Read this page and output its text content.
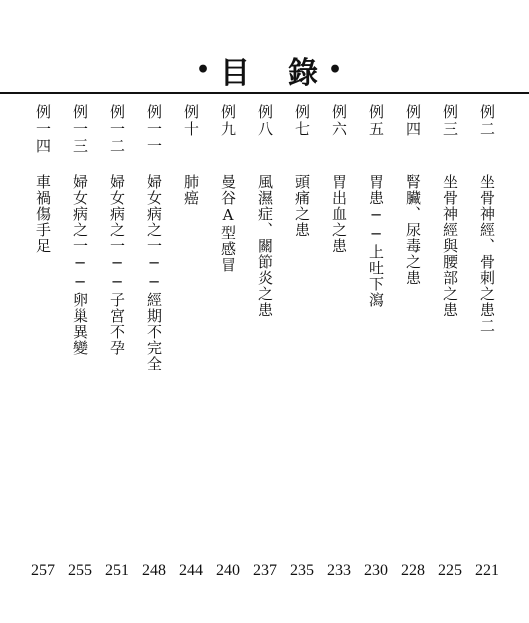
• 目　錄 •
例二
坐骨神經、骨刺之患二
例三
坐骨神經與腰部之患
例四
腎臟、尿毒之患
例五
胃患──上吐下瀉
例六
胃出血之患
例七
頭痛之患
例八
風濕症、關節炎之患
例九
曼谷A型感冒
例十
肺癌
例一一
婦女病之一──經期不完全
例一二
婦女病之一──子宮不孕
例一三
婦女病之一──卵巢異變
例一四
車禍傷手足
221
225
228
230
233
235
237
240
244
248
251
255
257
